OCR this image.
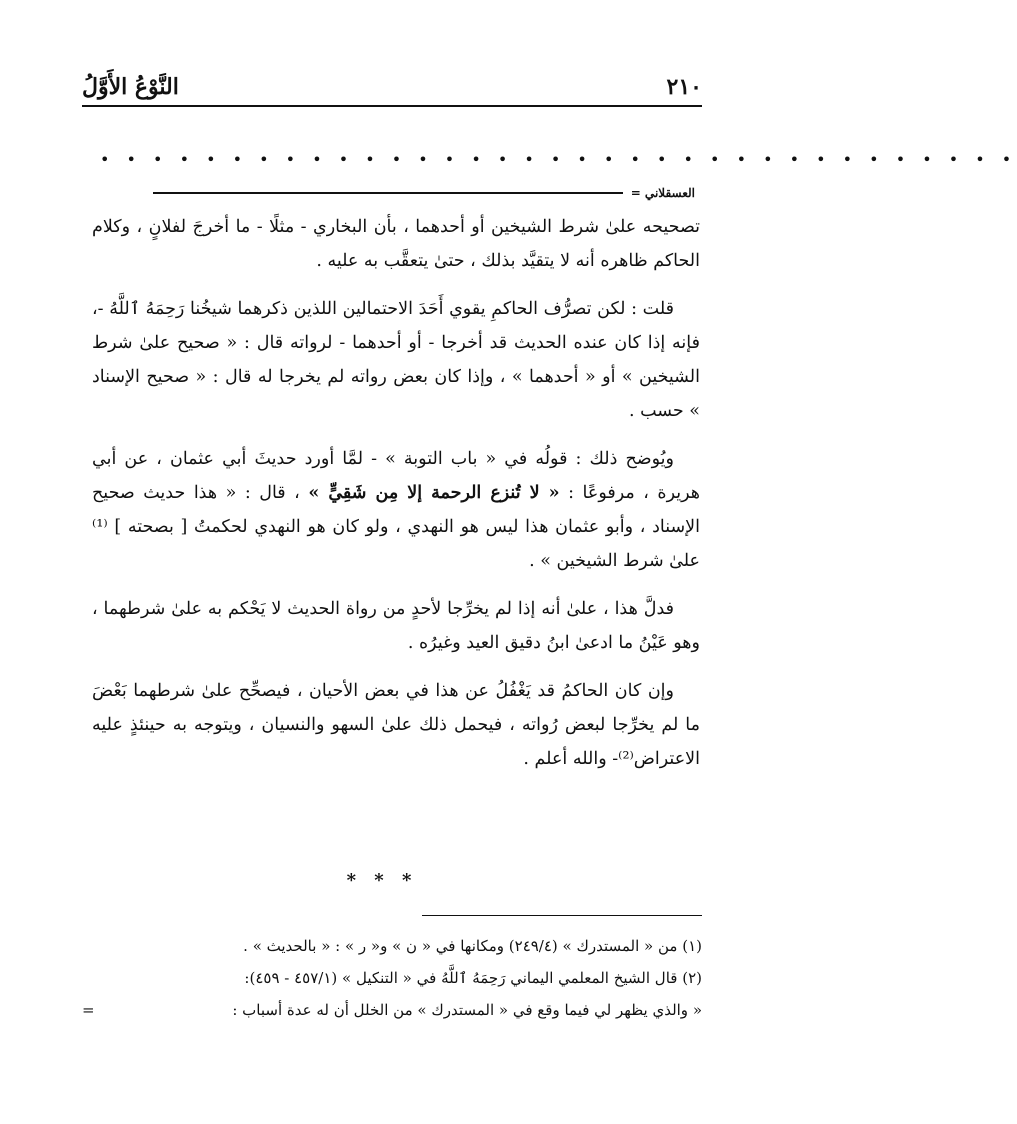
٢١٠
النَّوْعُ الأَوَّلُ
• • • • • • • • • • • • • • • • • • • • • • • • • • • • • • • • • • •
العسقلاني =

تصحيحه علىٰ شرط الشيخين أو أحدهما ، بأن البخاري - مثلًا - ما أخرجَ لفلانٍ ، وكلام الحاكم ظاهره أنه لا يتقيَّد بذلك ، حتىٰ يتعقَّب به عليه .

قلت : لكن تصرُّف الحاكمِ يقوي أَحَدَ الاحتمالين اللذين ذكرهما شيخُنا رَحِمَهُ ٱللَّهُ -، فإنه إذا كان عنده الحديث قد أخرجا - أو أحدهما - لرواته قال : « صحيح علىٰ شرط الشيخين » أو « أحدهما » ، وإذا كان بعض رواته لم يخرجا له قال : « صحيح الإسناد » حسب .

ويُوضح ذلك : قولُه في « باب التوبة » - لمَّا أورد حديثَ أبي عثمان ، عن أبي هريرة ، مرفوعًا : « لا تُنزع الرحمة إلا مِن شَقِيٍّ » ، قال : « هذا حديث صحيح الإسناد ، وأبو عثمان هذا ليس هو النهدي ، ولو كان هو النهدي لحكمتُ [ بصحته ] ⁽¹⁾ علىٰ شرط الشيخين » .

فدلَّ هذا ، علىٰ أنه إذا لم يخرِّجا لأحدٍ من رواة الحديث لا يَحْكم به علىٰ شرطهما ، وهو عَيْنُ ما ادعىٰ ابنُ دقيق العيد وغيرُه .

وإن كان الحاكمُ قد يَغْفُلُ عن هذا في بعض الأحيان ، فيصحِّح علىٰ شرطهما بَعْضَ ما لم يخرِّجا لبعض رُواته ، فيحمل ذلك علىٰ السهو والنسيان ، ويتوجه به حينئذٍ عليه الاعتراض⁽²⁾- والله أعلم .

* * *

(١) من « المستدرك » (٢٤٩/٤) ومكانها في « ن » و« ر » : « بالحديث » .

(٢) قال الشيخ المعلمي اليماني رَحِمَهُ ٱللَّهُ في « التنكيل » (٤٥٧/١ - ٤٥٩):

« والذي يظهر لي فيما وقع في « المستدرك » من الخلل أن له عدة أسباب :
=
